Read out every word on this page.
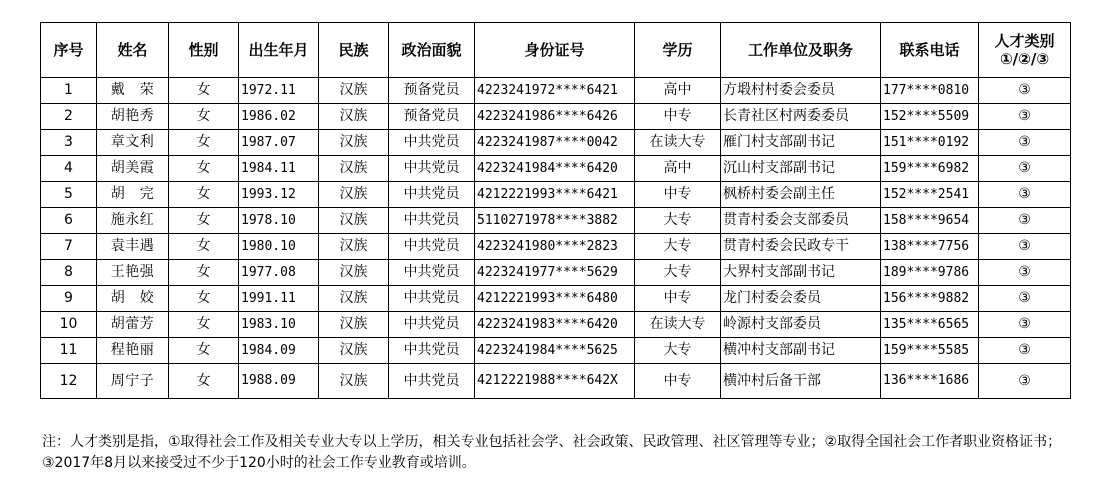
序号	姓名	性别	出生年月	民族	政治面貌	身份证号	学历	工作单位及职务	联系电话	人才类别
①/②/③

1	戴　荣	女	1972.11	汉族	预备党员	4223241972****6421	高中	方塅村村委会委员	177****0810	③
2	胡艳秀	女	1986.02	汉族	预备党员	4223241986****6426	中专	长青社区村两委委员	152****5509	③
3	章文利	女	1987.07	汉族	中共党员	4223241987****0042	在读大专	雁门村支部副书记	151****0192	③
4	胡美霞	女	1984.11	汉族	中共党员	4223241984****6420	高中	沉山村支部副书记	159****6982	③
5	胡　完	女	1993.12	汉族	中共党员	4212221993****6421	中专	枫桥村委会副主任	152****2541	③
6	施永红	女	1978.10	汉族	中共党员	5110271978****3882	大专	贯青村委会支部委员	158****9654	③
7	袁丰遇	女	1980.10	汉族	中共党员	4223241980****2823	大专	贯青村委会民政专干	138****7756	③
8	王艳强	女	1977.08	汉族	中共党员	4223241977****5629	大专	大界村支部副书记	189****9786	③
9	胡　姣	女	1991.11	汉族	中共党员	4212221993****6480	中专	龙门村委会委员	156****9882	③
10	胡蕾芳	女	1983.10	汉族	中共党员	4223241983****6420	在读大专	岭源村支部委员	135****6565	③
11	程艳丽	女	1984.09	汉族	中共党员	4223241984****5625	大专	横冲村支部副书记	159****5585	③
12	周宁子	女	1988.09	汉族	中共党员	4212221988****642X	中专	横冲村后备干部	136****1686	③
注：人才类别是指，①取得社会工作及相关专业大专以上学历，相关专业包括社会学、社会政策、民政管理、社区管理等专业；②取得全国社会工作者职业资格证书；③2017年8月以来接受过不少于120小时的社会工作专业教育或培训。
